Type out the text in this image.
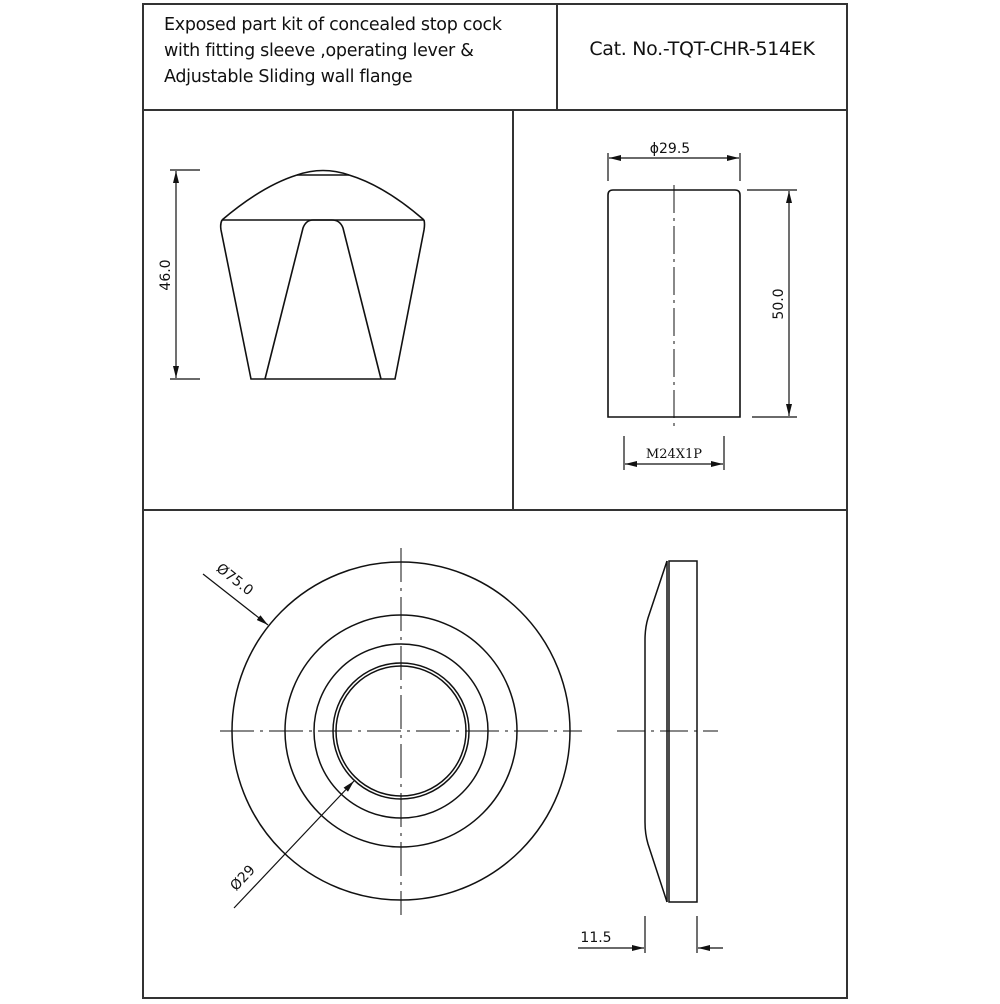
46.0
ϕ29.5
50.0
M24X1P
Ø75.0
Ø29
11.5
Exposed part kit of concealed stop cock
with fitting sleeve ,operating lever &
Adjustable Sliding wall flange
Cat. No.-TQT-CHR-514EK
